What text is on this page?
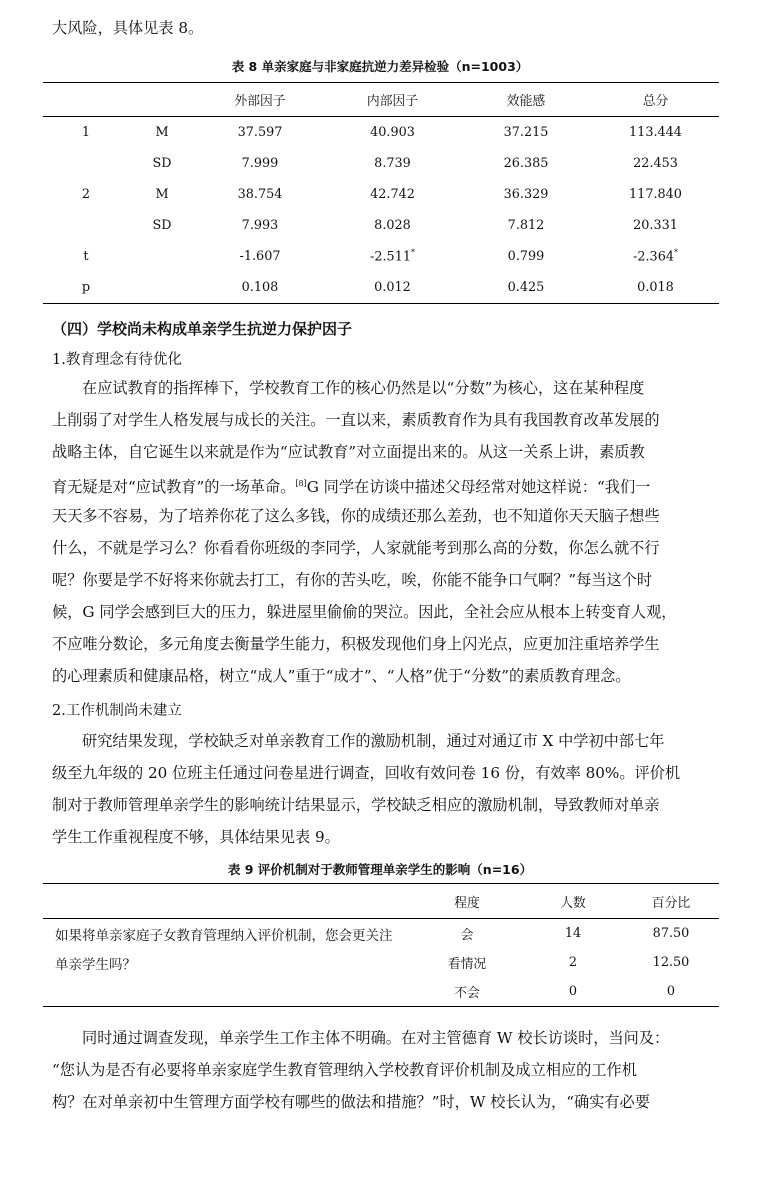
大风险，具体见表 8。
表 8 单亲家庭与非家庭抗逆力差异检验（n=1003）
		外部因子	内部因子	效能感	总分
1	M	37.597	40.903	37.215	113.444
	SD	7.999	8.739	26.385	22.453
2	M	38.754	42.742	36.329	117.840
	SD	7.993	8.028	7.812	20.331
t		-1.607	-2.511*	0.799	-2.364*
p		0.108	0.012	0.425	0.018
（四）学校尚未构成单亲学生抗逆力保护因子
1.教育理念有待优化
在应试教育的指挥棒下，学校教育工作的核心仍然是以“分数”为核心，这在某种程度
上削弱了对学生人格发展与成长的关注。一直以来，素质教育作为具有我国教育改革发展的
战略主体，自它诞生以来就是作为“应试教育”对立面提出来的。从这一关系上讲，素质教
育无疑是对“应试教育”的一场革命。[8]G 同学在访谈中描述父母经常对她这样说：“我们一
天天多不容易，为了培养你花了这么多钱，你的成绩还那么差劲，也不知道你天天脑子想些
什么，不就是学习么？你看看你班级的李同学，人家就能考到那么高的分数，你怎么就不行
呢？你要是学不好将来你就去打工，有你的苦头吃，唉，你能不能争口气啊？”每当这个时
候，G 同学会感到巨大的压力，躲进屋里偷偷的哭泣。因此，全社会应从根本上转变育人观，
不应唯分数论，多元角度去衡量学生能力，积极发现他们身上闪光点，应更加注重培养学生
的心理素质和健康品格，树立“成人”重于“成才”、“人格”优于“分数”的素质教育理念。
2.工作机制尚未建立
研究结果发现，学校缺乏对单亲教育工作的激励机制，通过对通辽市 X 中学初中部七年
级至九年级的 20 位班主任通过问卷星进行调查，回收有效问卷 16 份，有效率 80%。评价机
制对于教师管理单亲学生的影响统计结果显示，学校缺乏相应的激励机制，导致教师对单亲
学生工作重视程度不够，具体结果见表 9。
表 9 评价机制对于教师管理单亲学生的影响（n=16）
	程度	人数	百分比
如果将单亲家庭子女教育管理纳入评价机制，您会更关注	会	14	87.50
单亲学生吗？	看情况	2	12.50
	不会	0	0
同时通过调查发现，单亲学生工作主体不明确。在对主管德育 W 校长访谈时，当问及：
“您认为是否有必要将单亲家庭学生教育管理纳入学校教育评价机制及成立相应的工作机
构？在对单亲初中生管理方面学校有哪些的做法和措施？”时，W 校长认为，“确实有必要
